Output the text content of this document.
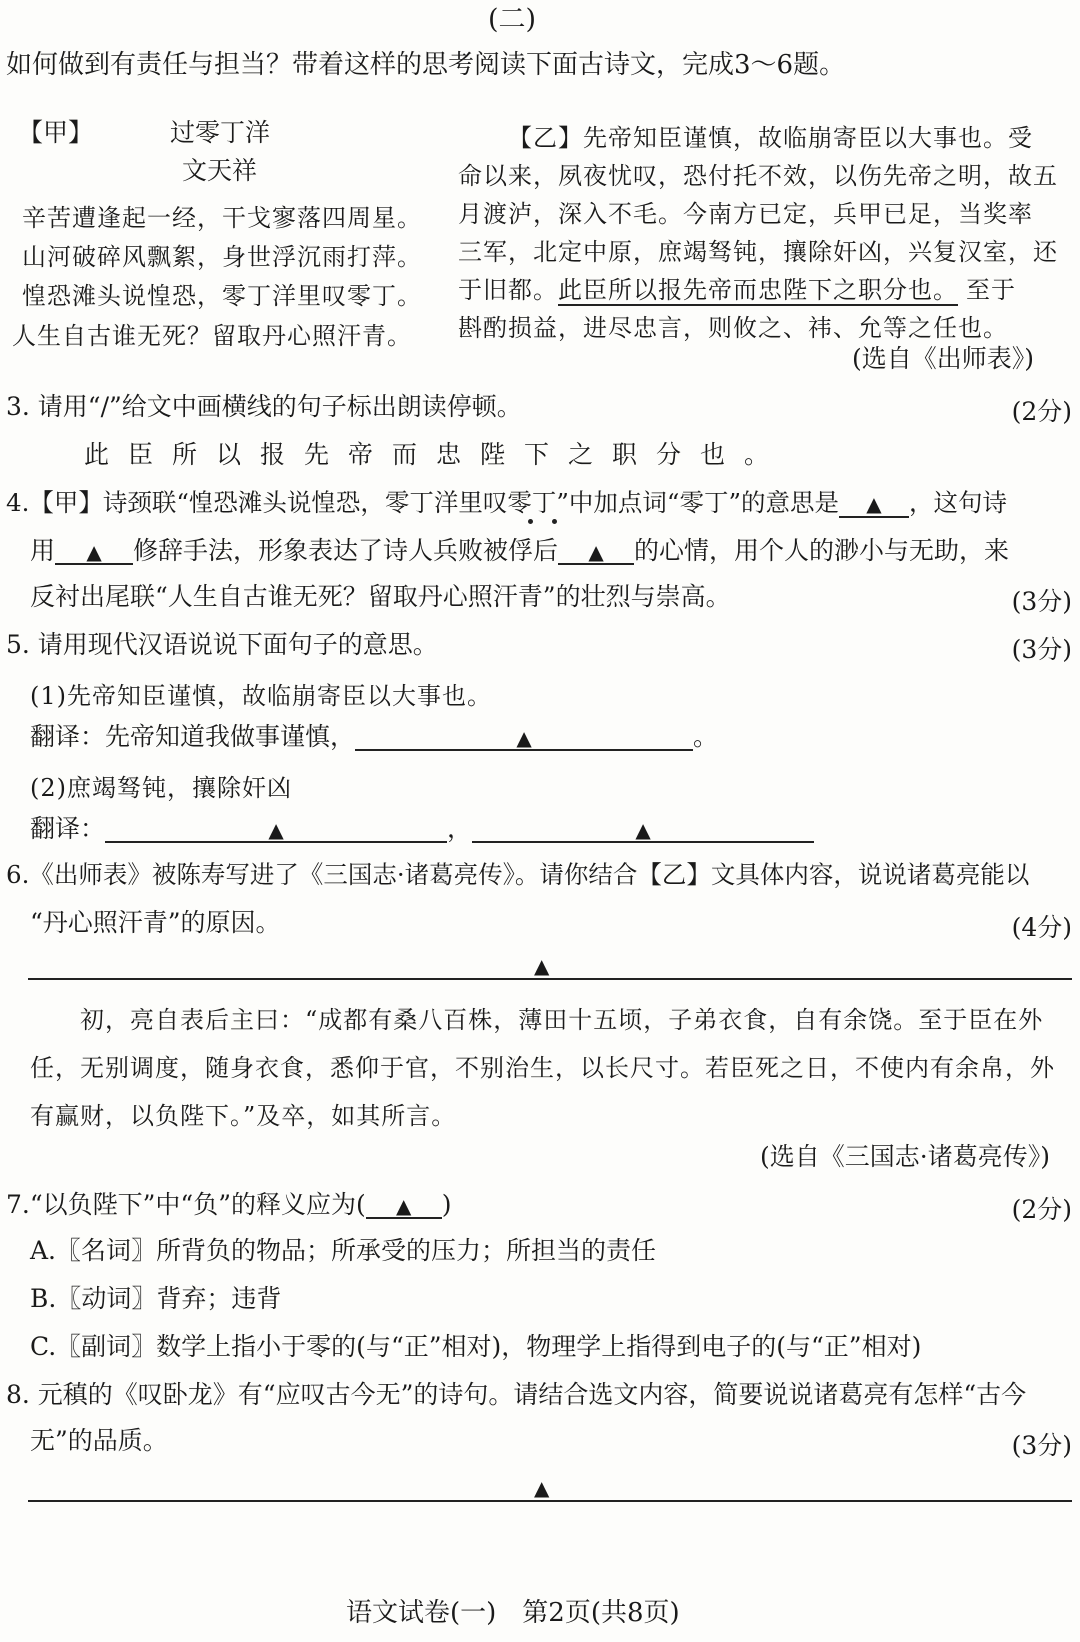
(二)
如何做到有责任与担当？带着这样的思考阅读下面古诗文，完成3～6题。
【甲】	过零丁洋
文天祥
辛苦遭逢起一经，干戈寥落四周星。
山河破碎风飘絮，身世浮沉雨打萍。
惶恐滩头说惶恐，零丁洋里叹零丁。
人生自古谁无死？留取丹心照汗青。
【乙】先帝知臣谨慎，故临崩寄臣以大事也。受
命以来，夙夜忧叹，恐付托不效，以伤先帝之明，故五
月渡泸，深入不毛。今南方已定，兵甲已足，当奖率
三军，北定中原，庶竭驽钝，攘除奸凶，兴复汉室，还
于旧都。此臣所以报先帝而忠陛下之职分也。 至于
斟酌损益，进尽忠言，则攸之、祎、允等之任也。
(选自《出师表》)
3. 请用“/”给文中画横线的句子标出朗读停顿。	(2分)
此 臣 所 以 报 先 帝 而 忠 陛 下 之 职 分 也 。
4.【甲】诗颈联“惶恐滩头说惶恐，零丁洋里叹零丁”中加点词“零丁”的意思是 ▲ ，这句诗
用 ▲ 修辞手法，形象表达了诗人兵败被俘后 ▲ 的心情，用个人的渺小与无助，来
反衬出尾联“人生自古谁无死？留取丹心照汗青”的壮烈与崇高。	(3分)
5. 请用现代汉语说说下面句子的意思。	(3分)
(1)先帝知臣谨慎，故临崩寄臣以大事也。
翻译：先帝知道我做事谨慎，	▲	。
(2)庶竭驽钝，攘除奸凶
翻译：	▲	，	▲
6.《出师表》被陈寿写进了《三国志·诸葛亮传》。请你结合【乙】文具体内容，说说诸葛亮能以
“丹心照汗青”的原因。	(4分)
▲
初，亮自表后主曰：“成都有桑八百株，薄田十五顷，子弟衣食，自有余饶。至于臣在外
任，无别调度，随身衣食，悉仰于官，不别治生，以长尺寸。若臣死之日，不使内有余帛，外
有赢财，以负陛下。”及卒，如其所言。
(选自《三国志·诸葛亮传》)
7.“以负陛下”中“负”的释义应为( ▲ )	(2分)
A.〖名词〗所背负的物品；所承受的压力；所担当的责任
B.〖动词〗背弃；违背
C.〖副词〗数学上指小于零的(与“正”相对)，物理学上指得到电子的(与“正”相对)
8. 元稹的《叹卧龙》有“应叹古今无”的诗句。请结合选文内容，简要说说诸葛亮有怎样“古今
无”的品质。	(3分)
▲
语文试卷(一)　第2页(共8页)
